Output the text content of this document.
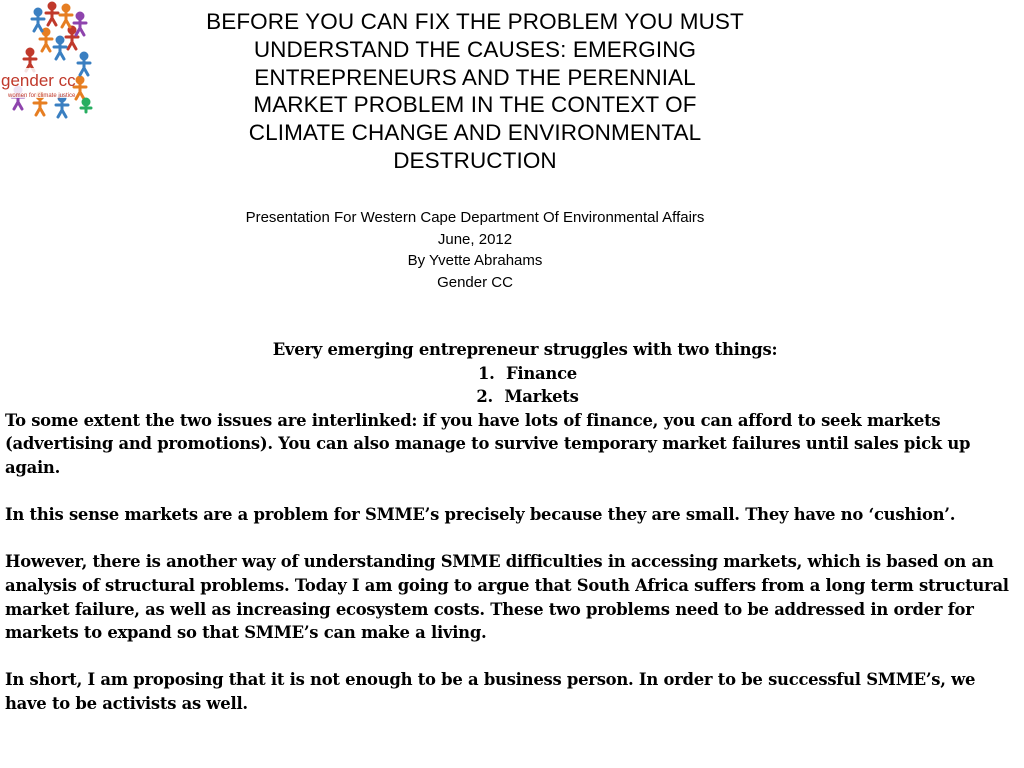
gender cc
women for climate justice
BEFORE YOU CAN FIX THE PROBLEM YOU MUST
UNDERSTAND THE CAUSES: EMERGING
ENTREPRENEURS AND THE PERENNIAL
MARKET PROBLEM IN THE CONTEXT OF
CLIMATE CHANGE AND ENVIRONMENTAL
DESTRUCTION
Presentation For Western Cape Department Of Environmental Affairs
June, 2012
By Yvette Abrahams
Gender CC

Every emerging entrepreneur struggles with two things:

1. Finance
2. Markets

To some extent the two issues are interlinked: if you have lots of finance, you can afford to seek markets (advertising and promotions). You can also manage to survive temporary market failures until sales pick up again.

In this sense markets are a problem for SMME’s precisely because they are small. They have no ‘cushion’.

However, there is another way of understanding SMME difficulties in accessing markets, which is based on an analysis of structural problems. Today I am going to argue that South Africa suffers from a long term structural market failure, as well as increasing ecosystem costs. These two problems need to be addressed in order for markets to expand so that SMME’s can make a living.

In short, I am proposing that it is not enough to be a business person. In order to be successful SMME’s, we have to be activists as well.
